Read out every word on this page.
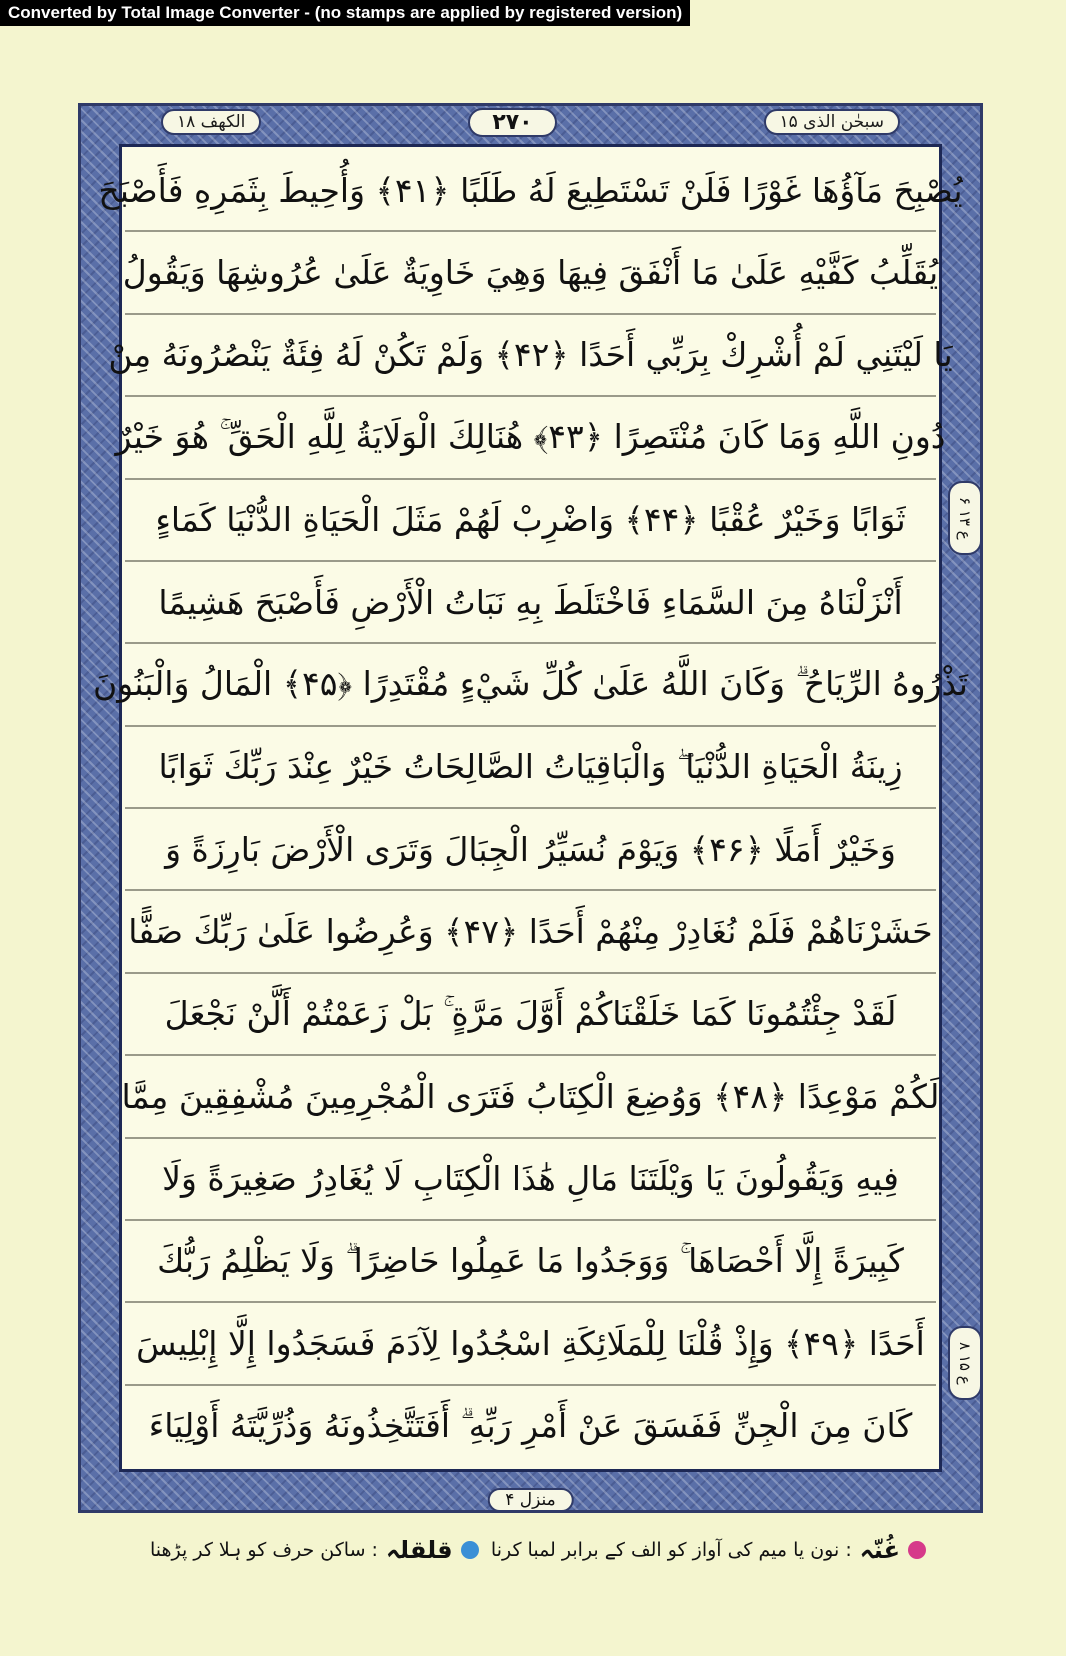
Converted by Total Image Converter - (no stamps are applied by registered version)
سبحٰن الذی ۱۵
۲۷۰
الکھف ۱۸
يُصْبِحَ مَآؤُهَا غَوْرًا فَلَنْ تَسْتَطِيعَ لَهُ طَلَبًا ﴿۴۱﴾ وَأُحِيطَ بِثَمَرِهِ فَأَصْبَحَ
يُقَلِّبُ كَفَّيْهِ عَلَىٰ مَا أَنْفَقَ فِيهَا وَهِيَ خَاوِيَةٌ عَلَىٰ عُرُوشِهَا وَيَقُولُ
يَا لَيْتَنِي لَمْ أُشْرِكْ بِرَبِّي أَحَدًا ﴿۴۲﴾ وَلَمْ تَكُنْ لَهُ فِئَةٌ يَنْصُرُونَهُ مِنْ
دُونِ اللَّهِ وَمَا كَانَ مُنْتَصِرًا ﴿۴۳﴾ هُنَالِكَ الْوَلَايَةُ لِلَّهِ الْحَقِّ ۚ هُوَ خَيْرٌ
ثَوَابًا وَخَيْرٌ عُقْبًا ﴿۴۴﴾ وَاضْرِبْ لَهُمْ مَثَلَ الْحَيَاةِ الدُّنْيَا كَمَاءٍ
أَنْزَلْنَاهُ مِنَ السَّمَاءِ فَاخْتَلَطَ بِهِ نَبَاتُ الْأَرْضِ فَأَصْبَحَ هَشِيمًا
تَذْرُوهُ الرِّيَاحُ ۗ وَكَانَ اللَّهُ عَلَىٰ كُلِّ شَيْءٍ مُقْتَدِرًا ﴿۴۵﴾ الْمَالُ وَالْبَنُونَ
زِينَةُ الْحَيَاةِ الدُّنْيَا ۖ وَالْبَاقِيَاتُ الصَّالِحَاتُ خَيْرٌ عِنْدَ رَبِّكَ ثَوَابًا
وَخَيْرٌ أَمَلًا ﴿۴۶﴾ وَيَوْمَ نُسَيِّرُ الْجِبَالَ وَتَرَى الْأَرْضَ بَارِزَةً وَ
حَشَرْنَاهُمْ فَلَمْ نُغَادِرْ مِنْهُمْ أَحَدًا ﴿۴۷﴾ وَعُرِضُوا عَلَىٰ رَبِّكَ صَفًّا
لَقَدْ جِئْتُمُونَا كَمَا خَلَقْنَاكُمْ أَوَّلَ مَرَّةٍ ۚ بَلْ زَعَمْتُمْ أَلَّنْ نَجْعَلَ
لَكُمْ مَوْعِدًا ﴿۴۸﴾ وَوُضِعَ الْكِتَابُ فَتَرَى الْمُجْرِمِينَ مُشْفِقِينَ مِمَّا
فِيهِ وَيَقُولُونَ يَا وَيْلَتَنَا مَالِ هَٰذَا الْكِتَابِ لَا يُغَادِرُ صَغِيرَةً وَلَا
كَبِيرَةً إِلَّا أَحْصَاهَا ۚ وَوَجَدُوا مَا عَمِلُوا حَاضِرًا ۗ وَلَا يَظْلِمُ رَبُّكَ
أَحَدًا ﴿۴۹﴾ وَإِذْ قُلْنَا لِلْمَلَائِكَةِ اسْجُدُوا لِآدَمَ فَسَجَدُوا إِلَّا إِبْلِيسَ
كَانَ مِنَ الْجِنِّ فَفَسَقَ عَنْ أَمْرِ رَبِّهِ ۗ أَفَتَتَّخِذُونَهُ وَذُرِّيَّتَهُ أَوْلِيَاءَ
ع ۱۳ ۶
ع ۱۵ ۸
منزل ۴
غُنّہ
: نون یا میم کی آواز کو الف کے برابر لمبا کرنا
قلقلہ
: ساکن حرف کو ہلا کر پڑھنا
